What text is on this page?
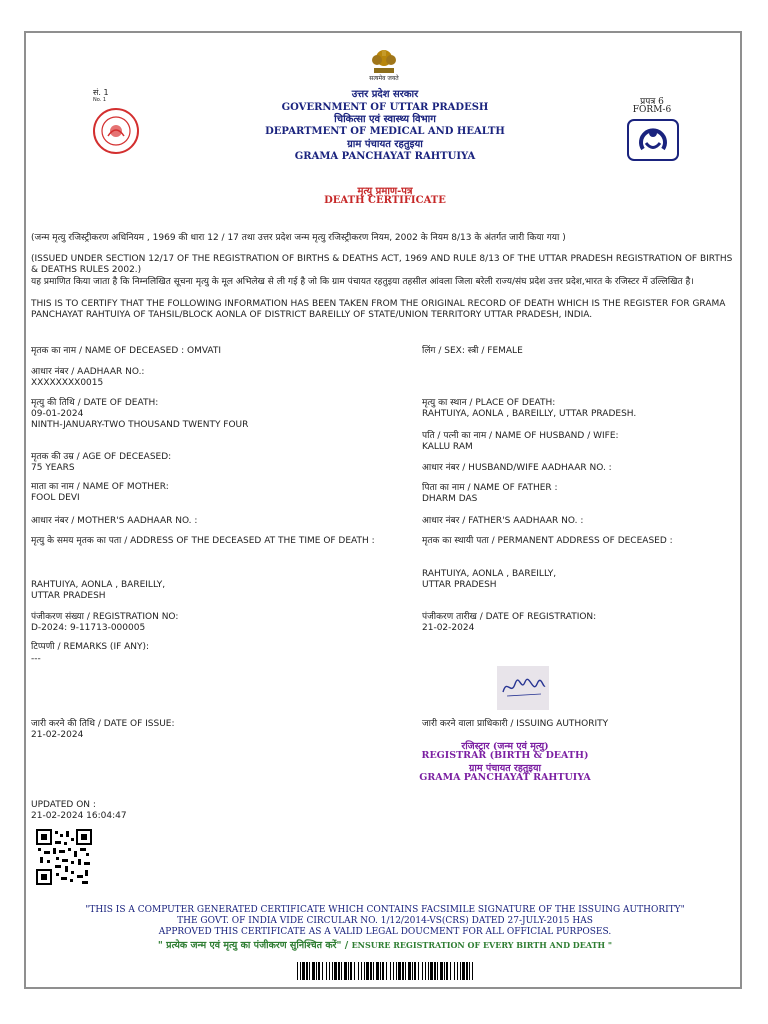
सत्यमेव जयते
सं. 1
No. 1	उत्तर प्रदेश सरकार
GOVERNMENT OF UTTAR PRADESH
चिकित्सा एवं स्वास्थ्य विभाग
DEPARTMENT OF MEDICAL AND HEALTH
ग्राम पंचायत रहतुइया
GRAMA PANCHAYAT RAHTUIYA
प्रपत्र 6
FORM-6
मृत्यु प्रमाण-पत्र
DEATH CERTIFICATE
(जन्म मृत्यु रजिस्ट्रीकरण अधिनियम , 1969 की धारा 12 / 17 तथा उत्तर प्रदेश जन्म मृत्यु रजिस्ट्रीकरण नियम, 2002 के नियम 8/13 के अंतर्गत जारी किया गया )
(ISSUED UNDER SECTION 12/17 OF THE REGISTRATION OF BIRTHS & DEATHS ACT, 1969 AND RULE 8/13 OF THE UTTAR PRADESH REGISTRATION OF BIRTHS & DEATHS RULES 2002.)
यह प्रमाणित किया जाता है कि निम्नलिखित सूचना मृत्यु के मूल अभिलेख से ली गई है जो कि ग्राम पंचायत रहतुइया तहसील आंवला जिला बरेली राज्य/संघ प्रदेश उत्तर प्रदेश,भारत के रजिस्टर में उल्लिखित है।
THIS IS TO CERTIFY THAT THE FOLLOWING INFORMATION HAS BEEN TAKEN FROM THE ORIGINAL RECORD OF DEATH WHICH IS THE REGISTER FOR GRAMA PANCHAYAT RAHTUIYA OF TAHSIL/BLOCK AONLA OF DISTRICT BAREILLY OF STATE/UNION TERRITORY UTTAR PRADESH, INDIA.
मृतक का नाम / NAME OF DECEASED : OMVATI
आधार नंबर / AADHAAR NO.:
XXXXXXXX0015
मृत्यु की तिथि / DATE OF DEATH:
09-01-2024
NINTH-JANUARY-TWO THOUSAND TWENTY FOUR
मृतक की उम्र / AGE OF DECEASED:
75 YEARS
माता का नाम / NAME OF MOTHER:
FOOL DEVI
आधार नंबर / MOTHER'S AADHAAR NO. :
मृत्यु के समय मृतक का पता / ADDRESS OF THE DECEASED AT THE TIME OF DEATH :
RAHTUIYA, AONLA , BAREILLY,
UTTAR PRADESH
पंजीकरण संख्या / REGISTRATION NO:
D-2024: 9-11713-000005
टिप्पणी / REMARKS (IF ANY):
---
जारी करने की तिथि / DATE OF ISSUE:
21-02-2024
लिंग / SEX: स्त्री / FEMALE
मृत्यु का स्थान / PLACE OF DEATH:
RAHTUIYA, AONLA , BAREILLY, UTTAR PRADESH.
पति / पत्नी का नाम / NAME OF HUSBAND / WIFE:
KALLU RAM
आधार नंबर / HUSBAND/WIFE AADHAAR NO. :
पिता का नाम / NAME OF FATHER :
DHARM DAS
आधार नंबर / FATHER'S AADHAAR NO. :
मृतक का स्थायी पता / PERMANENT ADDRESS OF DECEASED :
RAHTUIYA, AONLA , BAREILLY,
UTTAR PRADESH
पंजीकरण तारीख / DATE OF REGISTRATION:
21-02-2024
जारी करने वाला प्राधिकारी / ISSUING AUTHORITY
रजिस्ट्रार (जन्म एवं मृत्यु)
REGISTRAR (BIRTH & DEATH)
ग्राम पंचायत रहतुइया
GRAMA PANCHAYAT RAHTUIYA
UPDATED ON :
21-02-2024 16:04:47
"THIS IS A COMPUTER GENERATED CERTIFICATE WHICH CONTAINS FACSIMILE SIGNATURE OF THE ISSUING AUTHORITY"
THE GOVT. OF INDIA VIDE CIRCULAR NO. 1/12/2014-VS(CRS) DATED 27-JULY-2015 HAS
APPROVED THIS CERTIFICATE AS A VALID LEGAL DOUCMENT FOR ALL OFFICIAL PURPOSES.
" प्रत्येक जन्म एवं मृत्यु का पंजीकरण सुनिश्चित करें" / ENSURE REGISTRATION OF EVERY BIRTH AND DEATH "
